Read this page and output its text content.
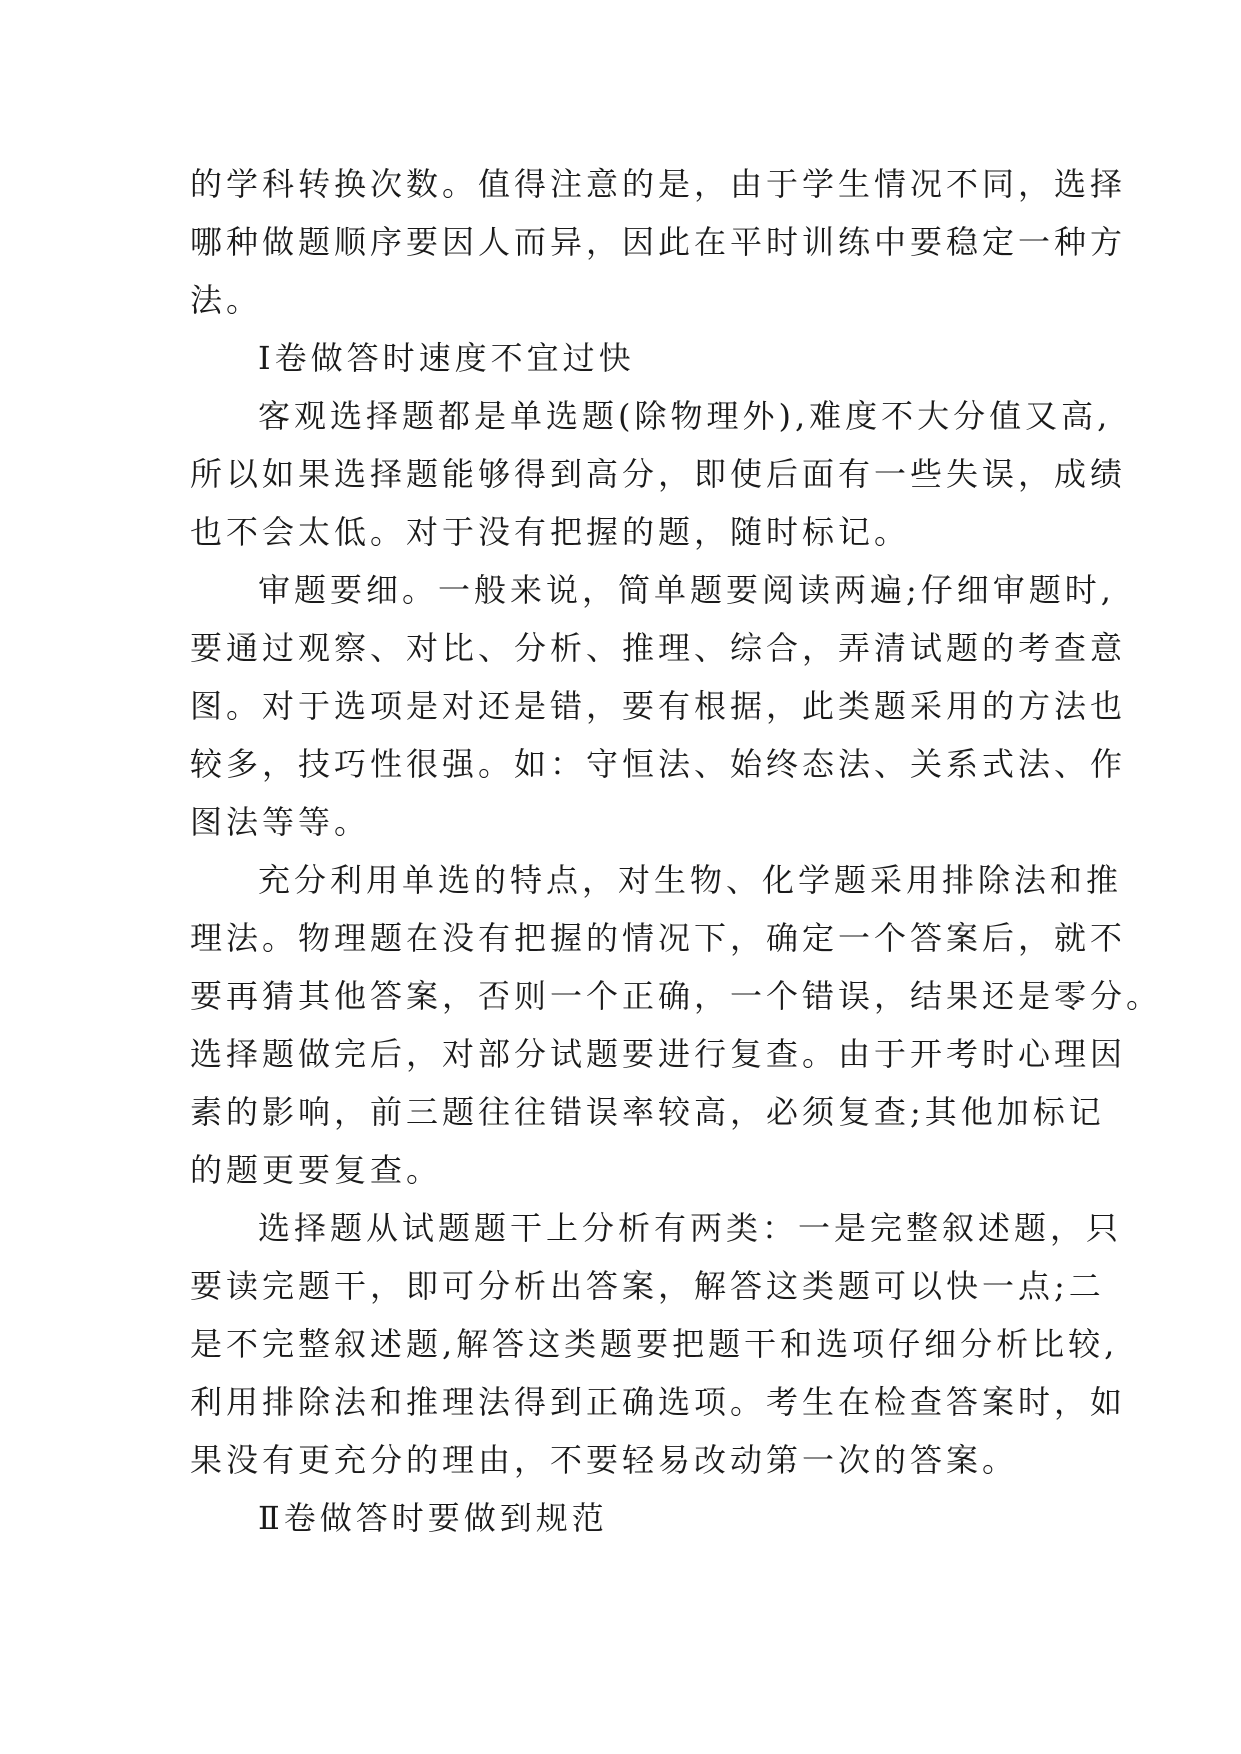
的学科转换次数。值得注意的是，由于学生情况不同，选择
哪种做题顺序要因人而异，因此在平时训练中要稳定一种方
法。
Ⅰ卷做答时速度不宜过快
客观选择题都是单选题(除物理外),难度不大分值又高,
所以如果选择题能够得到高分，即使后面有一些失误，成绩
也不会太低。对于没有把握的题，随时标记。
审题要细。一般来说，简单题要阅读两遍;仔细审题时,
要通过观察、对比、分析、推理、综合，弄清试题的考查意
图。对于选项是对还是错，要有根据，此类题采用的方法也
较多，技巧性很强。如：守恒法、始终态法、关系式法、作
图法等等。
充分利用单选的特点，对生物、化学题采用排除法和推
理法。物理题在没有把握的情况下，确定一个答案后，就不
要再猜其他答案，否则一个正确，一个错误，结果还是零分。
选择题做完后，对部分试题要进行复查。由于开考时心理因
素的影响，前三题往往错误率较高，必须复查;其他加标记
的题更要复查。
选择题从试题题干上分析有两类：一是完整叙述题，只
要读完题干，即可分析出答案，解答这类题可以快一点;二
是不完整叙述题,解答这类题要把题干和选项仔细分析比较,
利用排除法和推理法得到正确选项。考生在检查答案时，如
果没有更充分的理由，不要轻易改动第一次的答案。
Ⅱ卷做答时要做到规范
